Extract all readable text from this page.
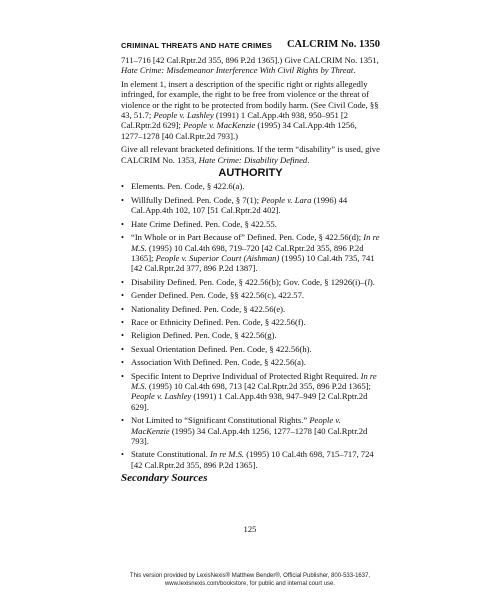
CRIMINAL THREATS AND HATE CRIMES CALCRIM No. 1350

711–716 [42 Cal.Rptr.2d 355, 896 P.2d 1365].) Give CALCRIM No. 1351, Hate Crime: Misdemeanor Interference With Civil Rights by Threat.

In element 1, insert a description of the specific right or rights allegedly infringed, for example, the right to be free from violence or the threat of violence or the right to be protected from bodily harm. (See Civil Code, §§ 43, 51.7; People v. Lashley (1991) 1 Cal.App.4th 938, 950–951 [2 Cal.Rptr.2d 629]; People v. MacKenzie (1995) 34 Cal.App.4th 1256, 1277–1278 [40 Cal.Rptr.2d 793].)

Give all relevant bracketed definitions. If the term “disability” is used, give CALCRIM No. 1353, Hate Crime: Disability Defined.

AUTHORITY
• Elements. Pen. Code, § 422.6(a).
• Willfully Defined. Pen. Code, § 7(1); People v. Lara (1996) 44 Cal.App.4th 102, 107 [51 Cal.Rptr.2d 402].
• Hate Crime Defined. Pen. Code, § 422.55.
• “In Whole or in Part Because of” Defined. Pen. Code, § 422.56(d); In re M.S. (1995) 10 Cal.4th 698, 719–720 [42 Cal.Rptr.2d 355, 896 P.2d 1365]; People v. Superior Court (Aishman) (1995) 10 Cal.4th 735, 741 [42 Cal.Rptr.2d 377, 896 P.2d 1387].
• Disability Defined. Pen. Code, § 422.56(b); Gov. Code, § 12926(i)–(l).
• Gender Defined. Pen. Code, §§ 422.56(c), 422.57.
• Nationality Defined. Pen. Code, § 422.56(e).
• Race or Ethnicity Defined. Pen. Code, § 422.56(f).
• Religion Defined. Pen. Code, § 422.56(g).
• Sexual Orientation Defined. Pen. Code, § 422.56(h).
• Association With Defined. Pen. Code, § 422.56(a).
• Specific Intent to Deprive Individual of Protected Right Required. In re M.S. (1995) 10 Cal.4th 698, 713 [42 Cal.Rptr.2d 355, 896 P.2d 1365]; People v. Lashley (1991) 1 Cal.App.4th 938, 947–949 [2 Cal.Rptr.2d 629].
• Not Limited to “Significant Constitutional Rights.” People v. MacKenzie (1995) 34 Cal.App.4th 1256, 1277–1278 [40 Cal.Rptr.2d 793].
• Statute Constitutional. In re M.S. (1995) 10 Cal.4th 698, 715–717, 724 [42 Cal.Rptr.2d 355, 896 P.2d 1365].
Secondary Sources
125
This version provided by LexisNexis® Matthew Bender®, Official Publisher, 800-533-1637,
www.lexisnexis.com/bookstore, for public and internal court use.
